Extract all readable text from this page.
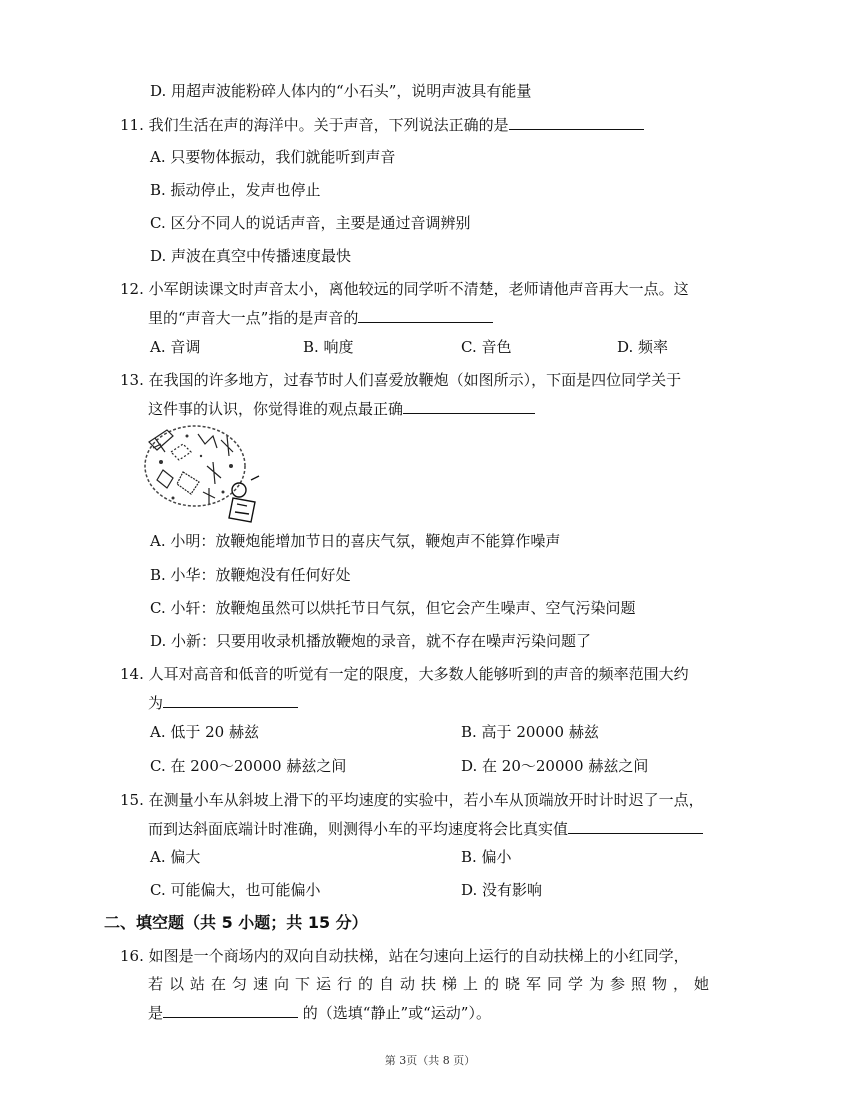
D. 用超声波能粉碎人体内的“小石头”，说明声波具有能量
11. 我们生活在声的海洋中。关于声音，下列说法正确的是
A. 只要物体振动，我们就能听到声音
B. 振动停止，发声也停止
C. 区分不同人的说话声音，主要是通过音调辨别
D. 声波在真空中传播速度最快
12. 小军朗读课文时声音太小，离他较远的同学听不清楚，老师请他声音再大一点。这
里的“声音大一点”指的是声音的
A. 音调	B. 响度	C. 音色	D. 频率
13. 在我国的许多地方，过春节时人们喜爱放鞭炮（如图所示），下面是四位同学关于
这件事的认识，你觉得谁的观点最正确
A. 小明：放鞭炮能增加节日的喜庆气氛，鞭炮声不能算作噪声
B. 小华：放鞭炮没有任何好处
C. 小轩：放鞭炮虽然可以烘托节日气氛，但它会产生噪声、空气污染问题
D. 小新：只要用收录机播放鞭炮的录音，就不存在噪声污染问题了
14. 人耳对高音和低音的听觉有一定的限度，大多数人能够听到的声音的频率范围大约
为
A. 低于 20 赫兹	B. 高于 20000 赫兹
C. 在 200～20000 赫兹之间	D. 在 20～20000 赫兹之间
15. 在测量小车从斜坡上滑下的平均速度的实验中，若小车从顶端放开时计时迟了一点，
而到达斜面底端计时准确，则测得小车的平均速度将会比真实值
A. 偏大	B. 偏小
C. 可能偏大，也可能偏小	D. 没有影响
二、填空题（共 5 小题；共 15 分）
16. 如图是一个商场内的双向自动扶梯，站在匀速向上运行的自动扶梯上的小红同学，
若以站在匀速向下运行的自动扶梯上的晓军同学为参照物，她
是	的（选填“静止”或“运动”）。
第 3页（共 8 页）
